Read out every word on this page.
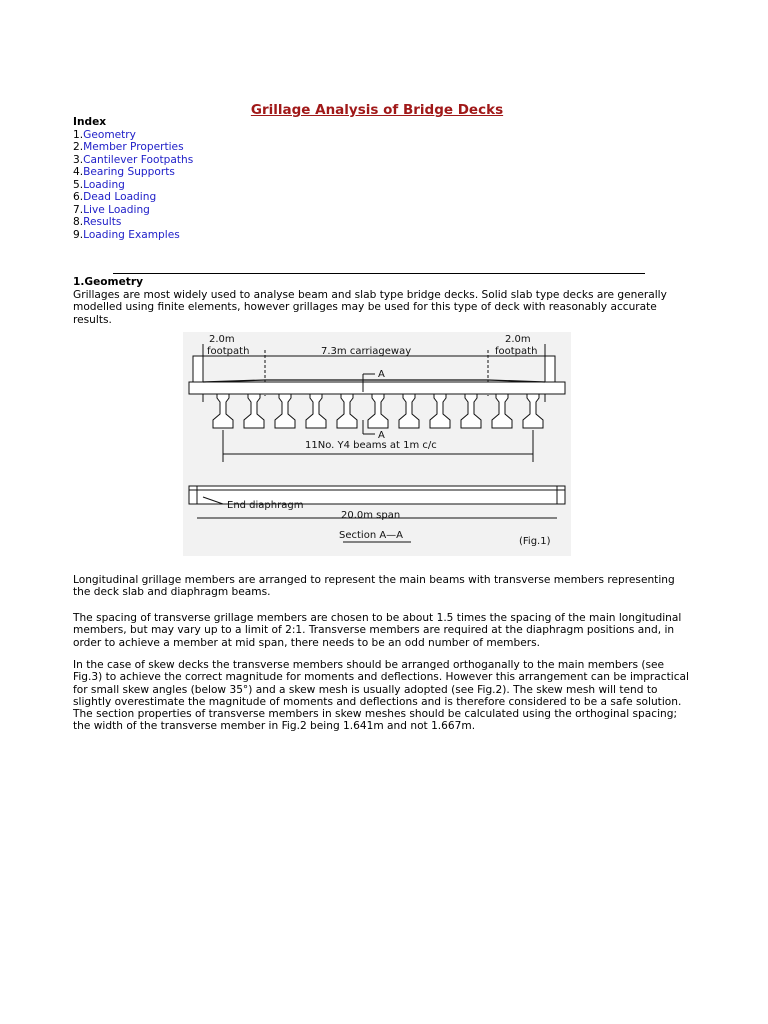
Grillage Analysis of Bridge Decks
Index
1.Geometry
2.Member Properties
3.Cantilever Footpaths
4.Bearing Supports
5.Loading
6.Dead Loading
7.Live Loading
8.Results
9.Loading Examples
1.Geometry

Grillages are most widely used to analyse beam and slab type bridge decks. Solid slab type decks are generally modelled using finite elements, however grillages may be used for this type of deck with reasonably accurate results.

2.0m
footpath	7.3m carriageway
2.0m
footpath
A
A
11No. Y4 beams at 1m c/c
End diaphragm
20.0m span
Section A—A
(Fig.1)

Longitudinal grillage members are arranged to represent the main beams with transverse members representing the deck slab and diaphragm beams.

The spacing of transverse grillage members are chosen to be about 1.5 times the spacing of the main longitudinal members, but may vary up to a limit of 2:1. Transverse members are required at the diaphragm positions and, in order to achieve a member at mid span, there needs to be an odd number of members.

In the case of skew decks the transverse members should be arranged orthoganally to the main members (see Fig.3) to achieve the correct magnitude for moments and deflections. However this arrangement can be impractical for small skew angles (below 35°) and a skew mesh is usually adopted (see Fig.2). The skew mesh will tend to slightly overestimate the magnitude of moments and deflections and is therefore considered to be a safe solution. The section properties of transverse members in skew meshes should be calculated using the orthoginal spacing; the width of the transverse member in Fig.2 being 1.641m and not 1.667m.
